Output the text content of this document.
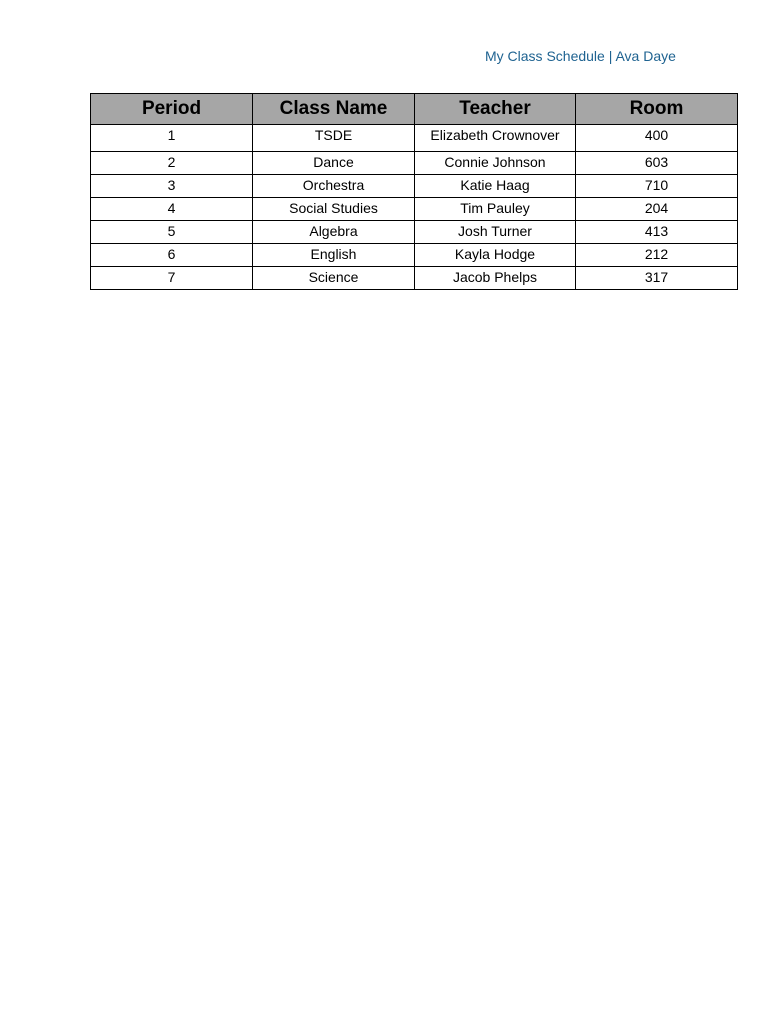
My Class Schedule | Ava Daye
Period	Class Name	Teacher	Room
1	TSDE	Elizabeth Crownover	400
2	Dance	Connie Johnson	603
3	Orchestra	Katie Haag	710
4	Social Studies	Tim Pauley	204
5	Algebra	Josh Turner	413
6	English	Kayla Hodge	212
7	Science	Jacob Phelps	317
